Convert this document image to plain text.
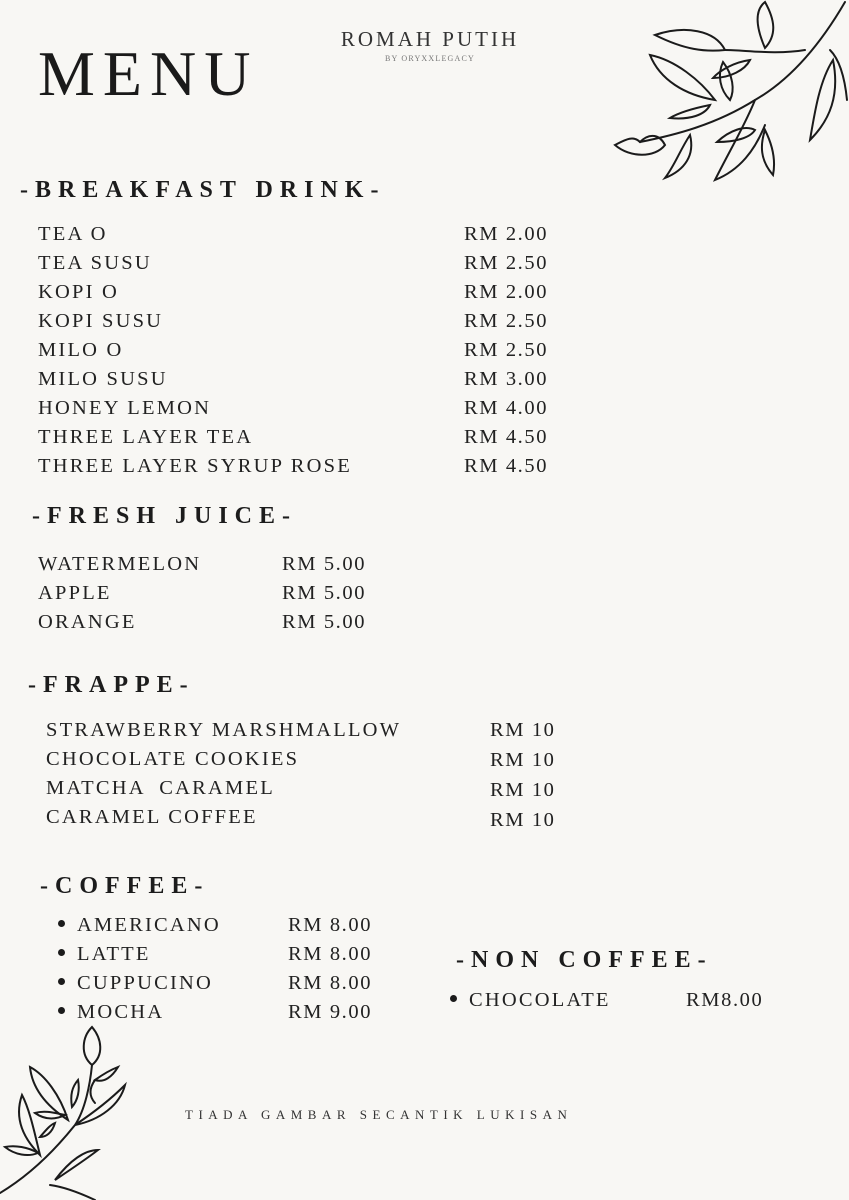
MENU	ROMAH PUTIH
BY ORYXXLEGACY
-BREAKFAST DRINK-
TEA O	RM 2.00
TEA SUSU	RM 2.50
KOPI O	RM 2.00
KOPI SUSU	RM 2.50
MILO O	RM 2.50
MILO SUSU	RM 3.00
HONEY LEMON	RM 4.00
THREE LAYER TEA	RM 4.50
THREE LAYER SYRUP ROSE	RM 4.50
-FRESH JUICE-
WATERMELON	RM 5.00
APPLE	RM 5.00
ORANGE	RM 5.00
-FRAPPE-
STRAWBERRY MARSHMALLOW	RM 10
CHOCOLATE COOKIES	RM 10
MATCHA  CARAMEL	RM 10
CARAMEL COFFEE	RM 10
-COFFEE-
AMERICANO	RM 8.00
LATTE	RM 8.00
CUPPUCINO	RM 8.00
MOCHA	RM 9.00
-NON COFFEE-
CHOCOLATE	RM8.00
TIADA GAMBAR SECANTIK LUKISAN
